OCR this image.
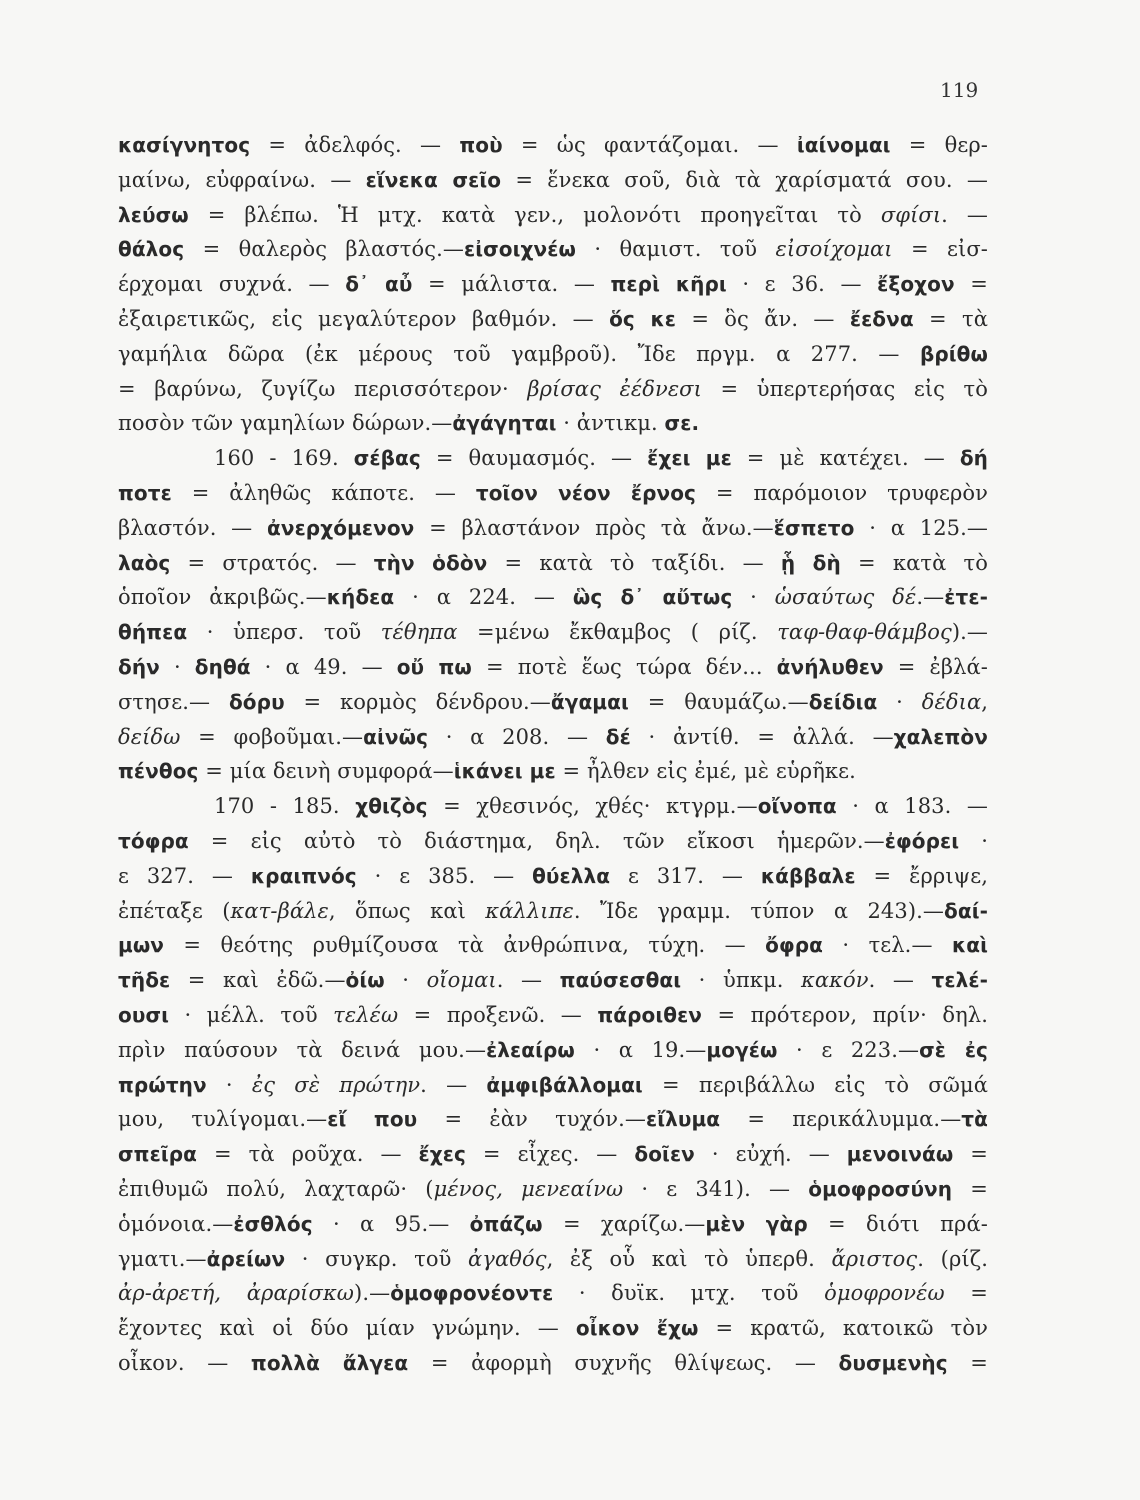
119
κασίγνητος = ἀδελφός. — ποὺ = ὡς φαντάζομαι. — ἰαίνομαι = θερ-
μαίνω, εὐφραίνω. — εἵνεκα σεῖο = ἕνεκα σοῦ, διὰ τὰ χαρίσματά σου. —
λεύσω = βλέπω. Ἡ μτχ. κατὰ γεν., μολονότι προηγεῖται τὸ σφίσι. —
θάλος = θαλερὸς βλαστός.—εἰσοιχνέω · θαμιστ. τοῦ εἰσοίχομαι = εἰσ-
έρχομαι συχνά. — δ᾽ αὖ = μάλιστα. — περὶ κῆρι · ε 36. — ἔξοχον =
ἐξαιρετικῶς, εἰς μεγαλύτερον βαθμόν. — ὅς κε = ὃς ἄν. — ἔεδνα = τὰ
γαμήλια δῶρα (ἐκ μέρους τοῦ γαμβροῦ). Ἴδε πργμ. α 277. — βρίθω
= βαρύνω, ζυγίζω περισσότερον· βρίσας ἐέδνεσι = ὑπερτερήσας εἰς τὸ
ποσὸν τῶν γαμηλίων δώρων.—ἀγάγηται · ἀντικμ. σε.
160 - 169. σέβας = θαυμασμός. — ἔχει με = μὲ κατέχει. — δή
ποτε = ἀληθῶς κάποτε. — τοῖον νέον ἔρνος = παρόμοιον τρυφερὸν
βλαστόν. — ἀνερχόμενον = βλαστάνον πρὸς τὰ ἄνω.—ἕσπετο · α 125.—
λαὸς = στρατός. — τὴν ὁδὸν = κατὰ τὸ ταξίδι. — ᾗ δὴ = κατὰ τὸ
ὁποῖον ἀκριβῶς.—κήδεα · α 224. — ὣς δ᾽ αὔτως · ὡσαύτως δέ.—ἐτε-
θήπεα · ὑπερσ. τοῦ τέθηπα =μένω ἔκθαμβος ( ρίζ. ταφ-θαφ-θάμβος).—
δήν · δηθά · α 49. — οὔ πω = ποτὲ ἕως τώρα δέν... ἀνήλυθεν = ἐβλά-
στησε.— δόρυ = κορμὸς δένδρου.—ἄγαμαι = θαυμάζω.—δείδια · δέδια,
δείδω = φοβοῦμαι.—αἰνῶς · α 208. — δέ · ἀντίθ. = ἀλλά. —χαλεπὸν
πένθος = μία δεινὴ συμφορά—ἱκάνει με = ἦλθεν εἰς ἐμέ, μὲ εὑρῆκε.
170 - 185. χθιζὸς = χθεσινός, χθές· κτγρμ.—οἴνοπα · α 183. —
τόφρα = εἰς αὐτὸ τὸ διάστημα, δηλ. τῶν εἴκοσι ἡμερῶν.—ἐφόρει ·
ε 327. — κραιπνός · ε 385. — θύελλα ε 317. — κάββαλε = ἔρριψε,
ἐπέταξε (κατ-βάλε, ὅπως καὶ κάλλιπε. Ἴδε γραμμ. τύπον α 243).—δαί-
μων = θεότης ρυθμίζουσα τὰ ἀνθρώπινα, τύχη. — ὄφρα · τελ.— καὶ
τῆδε = καὶ ἐδῶ.—ὀίω · οἴομαι. — παύσεσθαι · ὑπκμ. κακόν. — τελέ-
ουσι · μέλλ. τοῦ τελέω = προξενῶ. — πάροιθεν = πρότερον, πρίν· δηλ.
πρὶν παύσουν τὰ δεινά μου.—ἐλεαίρω · α 19.—μογέω · ε 223.—σὲ ἐς
πρώτην · ἐς σὲ πρώτην. — ἀμφιβάλλομαι = περιβάλλω εἰς τὸ σῶμά
μου, τυλίγομαι.—εἴ που = ἐὰν τυχόν.—εἴλυμα = περικάλυμμα.—τὰ
σπεῖρα = τὰ ροῦχα. — ἔχες = εἶχες. — δοῖεν · εὐχή. — μενοινάω =
ἐπιθυμῶ πολύ, λαχταρῶ· (μένος, μενεαίνω · ε 341). — ὁμοφροσύνη =
ὁμόνοια.—ἐσθλός · α 95.— ὀπάζω = χαρίζω.—μὲν γὰρ = διότι πρά-
γματι.—ἀρείων · συγκρ. τοῦ ἀγαθός, ἐξ οὗ καὶ τὸ ὑπερθ. ἄριστος. (ρίζ.
ἀρ-ἀρετή, ἀραρίσκω).—ὁμοφρονέοντε · δυϊκ. μτχ. τοῦ ὁμοφρονέω =
ἔχοντες καὶ οἱ δύο μίαν γνώμην. — οἶκον ἔχω = κρατῶ, κατοικῶ τὸν
οἶκον. — πολλὰ ἄλγεα = ἀφορμὴ συχνῆς θλίψεως. — δυσμενὴς =
